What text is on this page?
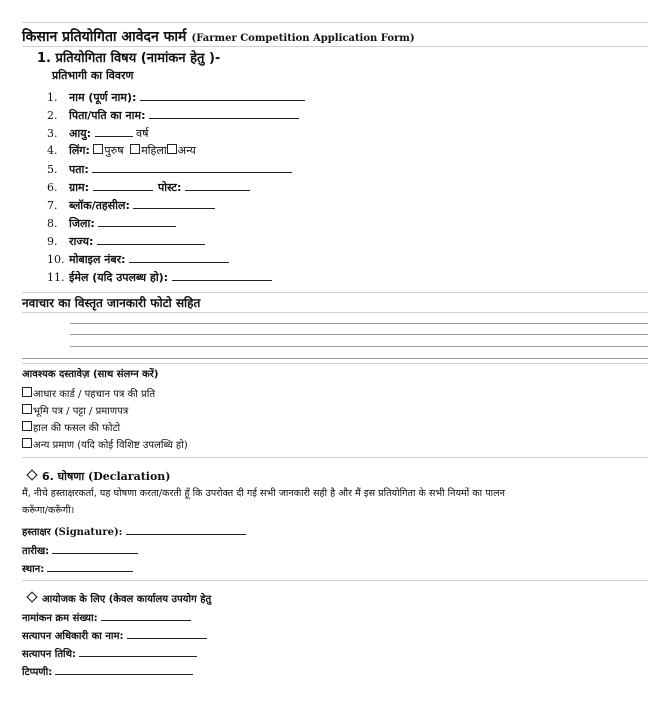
किसान प्रतियोगिता आवेदन फार्म (Farmer Competition Application Form)
1. प्रतियोगिता विषय (नामांकन हेतु )-
प्रतिभागी का विवरण
1. नाम (पूर्ण नाम):
2. पिता/पति का नाम:
3. आयु:	वर्ष
4. लिंग: पुरुष महिला अन्य
5. पता:
6. ग्राम:	पोस्ट:
7. ब्लॉक/तहसील:
8. जिला:
9. राज्य:
10. मोबाइल नंबर:
11. ईमेल (यदि उपलब्ध हो):
नवाचार का विस्तृत जानकारी फोटो सहित
आवश्यक दस्तावेज़ (साथ संलग्न करें)
आधार कार्ड / पहचान पत्र की प्रति
भूमि पत्र / पट्टा / प्रमाणपत्र
हाल की फसल की फोटो
अन्य प्रमाण (यदि कोई विशिष्ट उपलब्धि हो)
6. घोषणा (Declaration)
मैं, नीचे हस्ताक्षरकर्ता, यह घोषणा करता/करती हूँ कि उपरोक्त दी गई सभी जानकारी सही है और मैं इस प्रतियोगिता के सभी नियमों का पालन
करूँगा/करूँगी।
हस्ताक्षर (Signature):
तारीख:
स्थान:
आयोजक के लिए (केवल कार्यालय उपयोग हेतु
नामांकन क्रम संख्या:
सत्यापन अधिकारी का नाम:
सत्यापन तिथि:
टिप्पणी:
